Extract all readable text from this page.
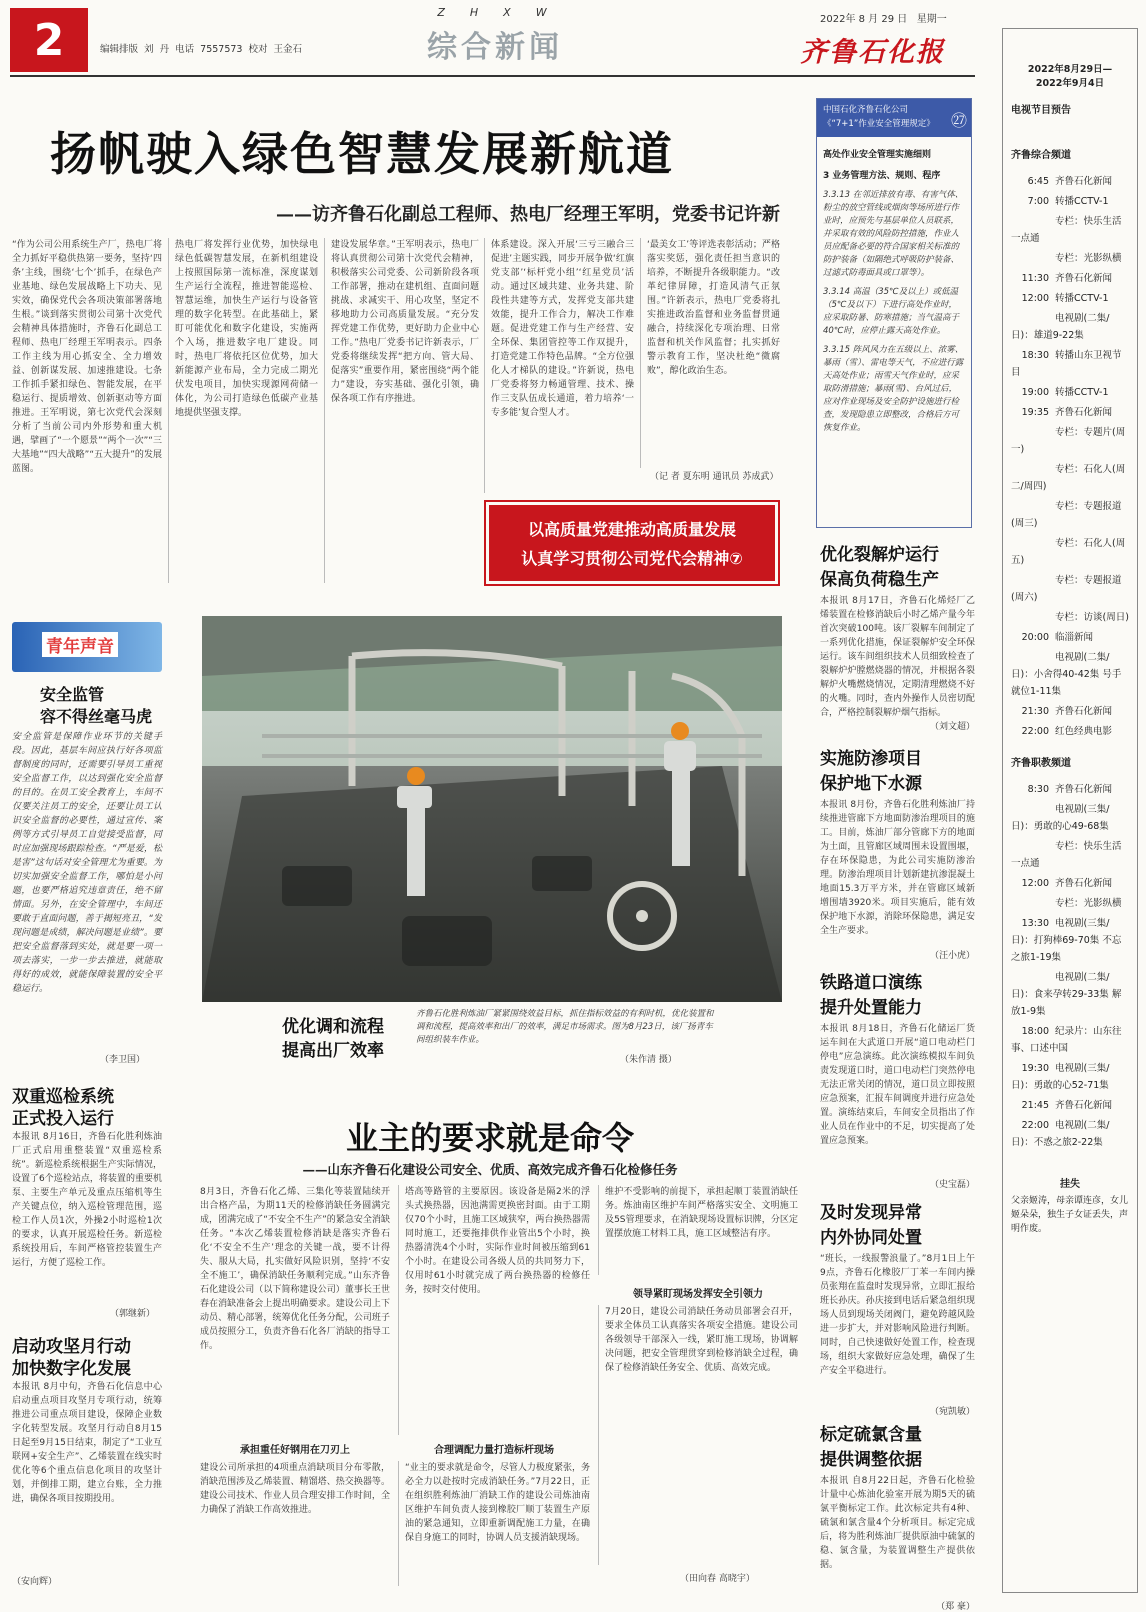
2	编辑排版  刘  丹  电话  7557573  校对  王金石
Z  H  X  W
综合新闻
2022年 8 月 29 日   星期一
齐鲁石化报
2022年8月29日—
2022年9月4日
电视节目预告
齐鲁综合频道
6:45 齐鲁石化新闻
7:00 转播CCTV-1
专栏：快乐生活一点通
专栏：光影纵横
11:30 齐鲁石化新闻
12:00 转播CCTV-1
电视剧(二集/日)：雄道9-22集
18:30 转播山东卫视节目
19:00 转播CCTV-1
19:35 齐鲁石化新闻
专栏：专题片(周一)
专栏：石化人(周二/周四)
专栏：专题报道(周三)
专栏：石化人(周五)
专栏：专题报道(周六)
专栏：访谈(周日)
20:00 临淄新闻
电视剧(二集/日)：小舍得40-42集 号手就位1-11集
21:30 齐鲁石化新闻
22:00 红色经典电影
齐鲁职教频道
8:30 齐鲁石化新闻
电视剧(三集/日)：勇敢的心49-68集
专栏：快乐生活一点通
12:00 齐鲁石化新闻
专栏：光影纵横
13:30 电视剧(三集/日)：打狗棒69-70集 不忘之旅1-19集
电视剧(二集/日)：食来孕转29-33集 解放1-9集
18:00 纪录片：山东往事、口述中国
19:30 电视剧(三集/日)：勇敢的心52-71集
21:45 齐鲁石化新闻
22:00 电视剧(二集/日)：不惑之旅2-22集
挂失
父亲姬涛，母亲谭连彦，女儿姬朵朵，独生子女证丢失，声明作废。
扬帆驶入绿色智慧发展新航道
——访齐鲁石化副总工程师、热电厂经理王军明，党委书记许新
“作为公司公用系统生产厂，热电厂将全力抓好平稳供热第一要务，坚持‘四条’主线，围绕‘七个’抓手，在绿色产业基地、绿色发展战略上下功夫、见实效，确保党代会各项决策部署落地生根。”谈到落实贯彻公司第十次党代会精神具体措施时，齐鲁石化副总工程师、热电厂经理王军明表示。四条工作主线为用心抓安全、全力增效益、创新谋发展、加速推建设。七条工作抓手紧扣绿色、智能发展，在平稳运行、提质增效、创新驱动等方面推进。王军明说，第七次党代会深刻分析了当前公司内外形势和重大机遇，擘画了“一个愿景”“两个一次”“三大基地”“四大战略”“五大提升”的发展蓝图。
热电厂将发挥行业优势，加快绿电绿色低碳智慧发展，在新机组建设上按照国际第一流标准，深度谋划生产运行全流程，推进智能巡检、智慧运维，加快生产运行与设备管理的数字化转型。在此基础上，紧盯可能优化和数字化建设，实施两个入场，推进数字电厂建设。同时，热电厂将依托区位优势，加大新能源产业布局，全力完成二期光伏发电项目，加快实现源网荷储一体化，为公司打造绿色低碳产业基地提供坚强支撑。
建设发展华章。”王军明表示，热电厂将认真贯彻公司第十次党代会精神，积极落实公司党委、公司新阶段各项工作部署，推动在建机组、直面问题挑战、求减实干、用心攻坚，坚定不移地助力公司高质量发展。“充分发挥党建工作优势，更好助力企业中心工作。”热电厂党委书记许新表示，厂党委将继续发挥“把方向、管大局、促落实”重要作用，紧密围绕“两个能力”建设，夯实基础、强化引领，确保各项工作有序推进。
体系建设。深入开展‘三亏三融合三促进’主题实践，同步开展争做‘红旗党支部’‘标杆党小组’‘红星党员’活动。通过区域共建、业务共建、阶段性共建等方式，发挥党支部共建效能，提升工作合力，解决工作难题。促进党建工作与生产经营、安全环保、集团管控等工作双提升，打造党建工作特色品牌。“全方位强化人才梯队的建设。”许新说，热电厂党委将努力畅通管理、技术、操作三支队伍成长通道，着力培养‘一专多能’复合型人才。
‘最美女工’等评选表彰活动；严格落实奖惩，强化责任担当意识的培养，不断提升各级职能力。“改革纪律屏障，打造风清气正氛围。”许新表示，热电厂党委将扎实推进政治监督和业务监督贯通融合，持续深化专项治理、日常监督和机关作风监督；扎实抓好警示教育工作，坚决杜绝“微腐败”，醇化政治生态。
（记 者 夏东明 通讯员 苏成武）
以高质量党建推动高质量发展
认真学习贯彻公司党代会精神⑦
中国石化齐鲁石化公司
《“7+1”作业安全管理规定》	㉗
高处作业安全管理实施细则
3 业务管理方法、规则、程序
3.3.13 在邻近排放有毒、有害气体、粉尘的放空管线或烟囱等场所进行作业时，应预先与基层单位人员联系，并采取有效的风险防控措施，作业人员应配备必要的符合国家相关标准的防护装备（如隔绝式呼吸防护装备、过滤式防毒面具或口罩等）。
3.3.14 高温（35℃及以上）或低温（5℃及以下）下进行高处作业时，应采取防暑、防寒措施；当气温高于40℃时，应停止露天高处作业。
3.3.15 阵风风力在五级以上、浓雾、暴雨（雪）、雷电等天气，不应进行露天高处作业；雨雪天气作业时，应采取防滑措施；暴雨(雪)、台风过后，应对作业现场及安全防护设施进行检查，发现隐患立即整改，合格后方可恢复作业。
青年声音
安全监管
容不得丝毫马虎
安全监管是保障作业环节的关键手段。因此，基层车间应执行好各项监督制度的同时，还需要引导员工重视安全监督工作，以达到强化安全监督的目的。在员工安全教育上，车间不仅要关注员工的安全，还要让员工认识安全监督的必要性，通过宣传、案例等方式引导员工自觉接受监督，同时应加强现场跟踪检查。“严是爱，松是害”这句话对安全管理尤为重要。为切实加强安全监督工作，哪怕是小问题，也要严格追究违章责任，绝不留情面。另外，在安全管理中，车间还要敢于直面问题，善于揭短亮丑，“发现问题是成绩，解决问题是业绩”。要把安全监督落到实处，就是要一项一项去落实，一步一步去推进，就能取得好的成效，就能保障装置的安全平稳运行。
（李卫国）
双重巡检系统
正式投入运行
本报讯 8月16日，齐鲁石化胜利炼油厂正式启用重整装置“双重巡检系统”。新巡检系统根据生产实际情况，设置了6个巡检站点，将装置的重要机泵、主要生产单元及重点压缩机等生产关键点位，纳入巡检管理范围，巡检工作人员1次，外操2小时巡检1次的要求，认真开展巡检任务。新巡检系统投用后，车间严格管控装置生产运行，方便了巡检工作。
（郭继新）
启动攻坚月行动
加快数字化发展
本报讯 8月中旬，齐鲁石化信息中心启动重点项目攻坚月专项行动，统筹推进公司重点项目建设，保障企业数字化转型发展。攻坚月行动自8月15日起至9月15日结束，制定了“工业互联网+安全生产”、乙烯装置在线实时优化等6个重点信息化项目的攻坚计划，并倒排工期，建立台账，全力推进，确保各项目按期投用。
（安向辉）
优化调和流程
提高出厂效率
齐鲁石化胜利炼油厂紧紧围绕效益目标，抓住指标效益的有利时机，优化装置和调和流程，提高效率和出厂的效率，满足市场需求。图为8月23日，该厂扬青车间组织装车作业。
（朱作清 摄）
优化裂解炉运行
保高负荷稳生产
本报讯 8月17日，齐鲁石化烯烃厂乙烯装置在检修消缺后小时乙烯产量今年首次突破100吨。该厂裂解车间制定了一系列优化措施，保证裂解炉安全环保运行。该车间组织技术人员细致检查了裂解炉炉膛燃烧器的情况，并根据各裂解炉火嘴燃烧情况，定期清理燃烧不好的火嘴。同时，查内外操作人员密切配合，严格控制裂解炉烟气指标。
（刘文超）
实施防渗项目
保护地下水源
本报讯 8月份，齐鲁石化胜利炼油厂持续推进管廊下方地面防渗治理项目的施工。目前，炼油厂部分管廊下方的地面为土面，且管廊区域周围未设置围堰，存在环保隐患，为此公司实施防渗治理。防渗治理项目计划新建抗渗混凝土地面15.3万平方米，并在管廊区域新增围墙3920米。项目实施后，能有效保护地下水源，消除环保隐患，满足安全生产要求。
（汪小虎）
铁路道口演练
提升处置能力
本报讯 8月18日，齐鲁石化储运厂货运车间在大武道口开展“道口电动栏门停电”应急演练。此次演练模拟车间负责发现道口时，道口电动栏门突然停电无法正常关闭的情况，道口员立即按照应急预案，汇报车间调度并进行应急处置。演练结束后，车间安全员指出了作业人员在作业中的不足，切实提高了处置应急预案。
（史宝磊）
及时发现异常
内外协同处置
“班长，一线报警浪量了。”8月1日上午9点，齐鲁石化橡胶厂丁苯一车间内操员张翔在监盘时发现异常，立即汇报给班长孙庆。孙庆接到电话后紧急组织现场人员到现场关闭阀门，避免跨越风险进一步扩大，并对影响风险进行判断。同时，自己快速做好处置工作，检查现场，组织大家做好应急处理，确保了生产安全平稳进行。
（宛凯敏）
标定硫氯含量
提供调整依据
本报讯 自8月22日起，齐鲁石化检验计量中心炼油化验室开展为期5天的硫氯平衡标定工作。此次标定共有4种、硫氯和氯含量4个分析项目。标定完成后，将为胜利炼油厂提供原油中硫氯的稳、氯含量，为装置调整生产提供依据。
（郑 豪）
业主的要求就是命令
——山东齐鲁石化建设公司安全、优质、高效完成齐鲁石化检修任务
8月3日，齐鲁石化乙烯、三集化等装置陆续开出合格产品，为期11天的检修消缺任务圆满完成，团满完成了“不安全不生产”的紧急安全消缺任务。“本次乙烯装置检修消缺是落实齐鲁石化‘不安全不生产’理念的关键一战，要不计得失、服从大局，扎实做好风险识别，坚持‘不安全不施工’，确保消缺任务顺利完成。”山东齐鲁石化建设公司（以下简称建设公司）董事长王世春在消缺准备会上提出明确要求。建设公司上下动员、精心部署，统筹优化任务分配，公司班子成员按照分工，负责齐鲁石化各厂消缺的指导工作。
承担重任好钢用在刀刃上
建设公司所承担的4项重点消缺项目分布零散，消缺范围涉及乙烯装置、精馏塔、热交换器等。建设公司技术、作业人员合理安排工作时间，全力确保了消缺工作高效推进。
塔高等路管的主要原因。该设备是隔2米的浮头式换热器，因池满需更换密封面。由于工期仅70个小时，且施工区域狭窄，两台换热器需同时施工，还要拖排供作业管出5个小时，换热器清洗4个小时，实际作业时间被压缩到61个小时。在建设公司各级人员的共同努力下，仅用时61小时就完成了两台换热器的检修任务，按时交付使用。
合理调配力量打造标杆现场
“业主的要求就是命令，尽管人力极度紧张，务必全力以赴按时完成消缺任务。”7月22日，正在组织胜利炼油厂消缺工作的建设公司炼油南区维护车间负责人接到橡胶厂顺丁装置生产原油的紧急通知，立即重新调配施工力量，在确保自身施工的同时，协调人员支援消缺现场。
维护不受影响的前提下，承担起顺丁装置消缺任务。炼油南区维护车间严格落实安全、文明施工及5S管理要求，在消缺现场设置标识牌，分区定置摆放施工材料工具，施工区域整洁有序。
领导紧盯现场发挥安全引领力
7月20日，建设公司消缺任务动员部署会召开，要求全体员工认真落实各项安全措施。建设公司各级领导干部深入一线，紧盯施工现场，协调解决问题，把安全管理贯穿到检修消缺全过程，确保了检修消缺任务安全、优质、高效完成。
（田向春 高晓宇）
